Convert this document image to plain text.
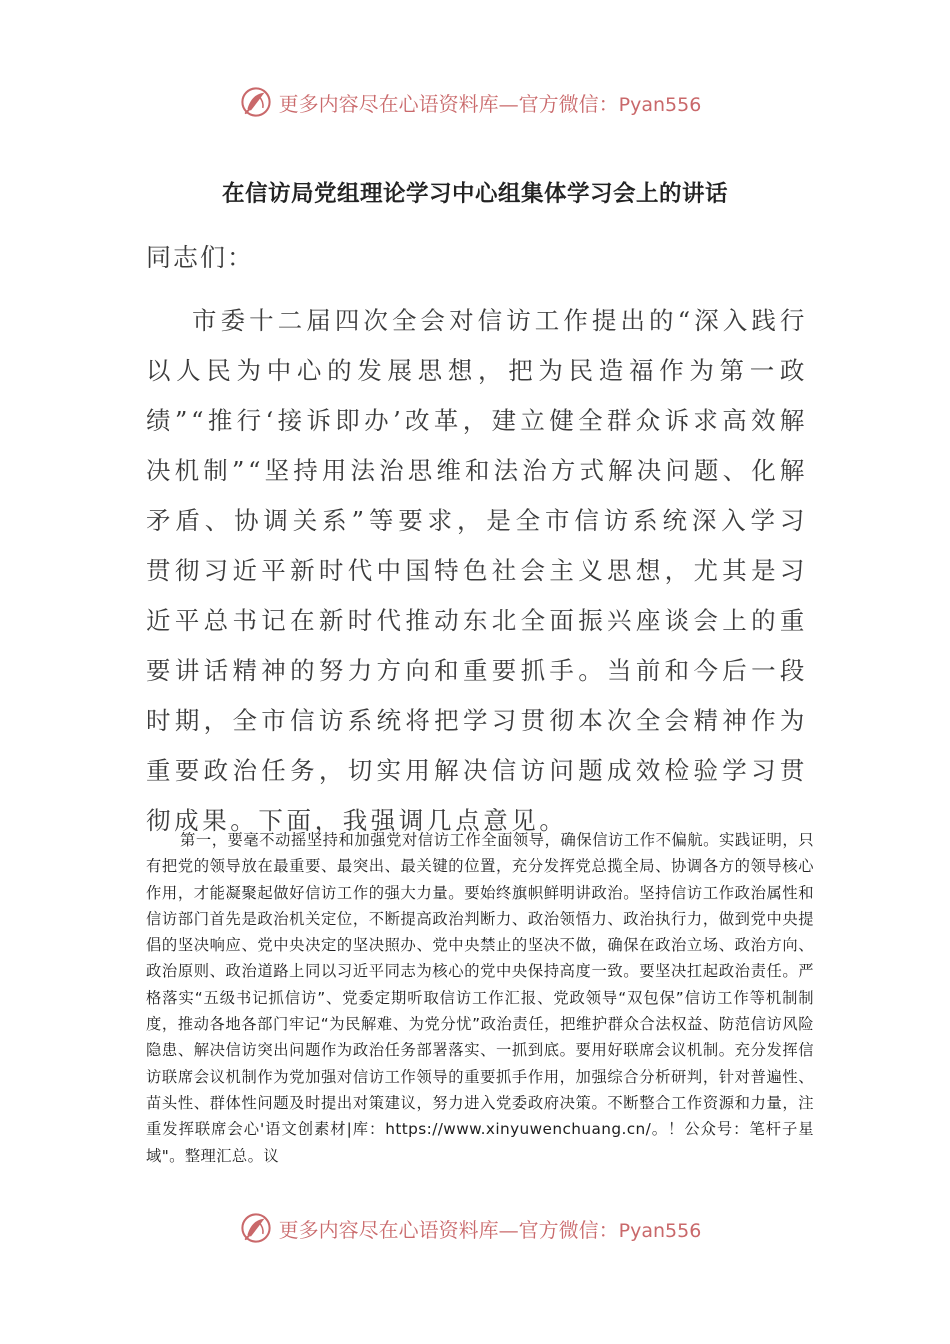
更多内容尽在心语资料库—官方微信：Pyan556
在信访局党组理论学习中心组集体学习会上的讲话

同志们：

市委十二届四次全会对信访工作提出的“深入践行以人民为中心的发展思想，把为民造福作为第一政绩”“推行‘接诉即办’改革，建立健全群众诉求高效解决机制”“坚持用法治思维和法治方式解决问题、化解矛盾、协调关系”等要求，是全市信访系统深入学习贯彻习近平新时代中国特色社会主义思想，尤其是习近平总书记在新时代推动东北全面振兴座谈会上的重要讲话精神的努力方向和重要抓手。当前和今后一段时期，全市信访系统将把学习贯彻本次全会精神作为重要政治任务，切实用解决信访问题成效检验学习贯彻成果。下面，我强调几点意见。

第一，要毫不动摇坚持和加强党对信访工作全面领导，确保信访工作不偏航。实践证明，只有把党的领导放在最重要、最突出、最关键的位置，充分发挥党总揽全局、协调各方的领导核心作用，才能凝聚起做好信访工作的强大力量。要始终旗帜鲜明讲政治。坚持信访工作政治属性和信访部门首先是政治机关定位，不断提高政治判断力、政治领悟力、政治执行力，做到党中央提倡的坚决响应、党中央决定的坚决照办、党中央禁止的坚决不做，确保在政治立场、政治方向、政治原则、政治道路上同以习近平同志为核心的党中央保持高度一致。要坚决扛起政治责任。严格落实“五级书记抓信访”、党委定期听取信访工作汇报、党政领导“双包保”信访工作等机制制度，推动各地各部门牢记“为民解难、为党分忧”政治责任，把维护群众合法权益、防范信访风险隐患、解决信访突出问题作为政治任务部署落实、一抓到底。要用好联席会议机制。充分发挥信访联席会议机制作为党加强对信访工作领导的重要抓手作用，加强综合分析研判，针对普遍性、苗头性、群体性问题及时提出对策建议，努力进入党委政府决策。不断整合工作资源和力量，注重发挥联席会心'语文创素材|库：https://www.xinyuwenchuang.cn/。！公众号：笔杆子星域"。整理汇总。议

更多内容尽在心语资料库—官方微信：Pyan556
